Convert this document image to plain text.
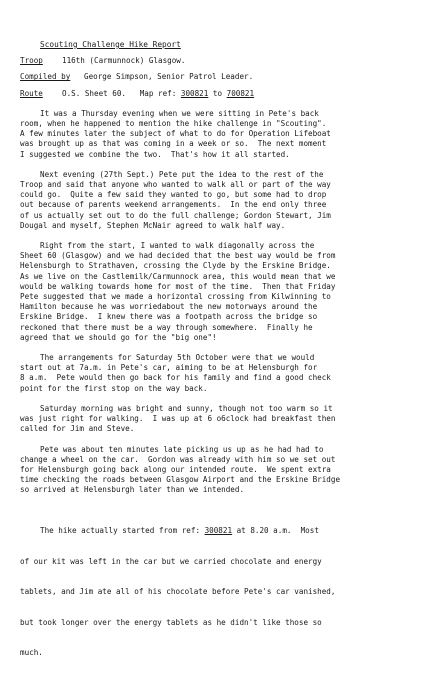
Scouting Challenge Hike Report
Troop	116th (Carmunnock) Glasgow.
Compiled by George Simpson, Senior Patrol Leader.
Route	O.S. Sheet 60. Map ref: 300821 to 700821
It was a Thursday evening when we were sitting in Pete's back
room, when he happened to mention the hike challenge in "Scouting".
A few minutes later the subject of what to do for Operation Lifeboat
was brought up as that was coming in a week or so.  The next moment
I suggested we combine the two.  That's how it all started.
Next evening (27th Sept.) Pete put the idea to the rest of the
Troop and said that anyone who wanted to walk all or part of the way
could go.  Quite a few said they wanted to go, but some had to drop
out because of parents weekend arrangements.  In the end only three
of us actually set out to do the full challenge; Gordon Stewart, Jim
Dougal and myself, Stephen McNair agreed to walk half way.
Right from the start, I wanted to walk diagonally across the
Sheet 60 (Glasgow) and we had decided that the best way would be from
Helensburgh to Strathaven, crossing the Clyde by the Erskine Bridge.
As we live on the Castlemilk/Carmunnock area, this would mean that we
would be walking towards home for most of the time.  Then that Friday
Pete suggested that we made a horizontal crossing from Kilwinning to
Hamilton because he was worriedabout the new motorways around the
Erskine Bridge.  I knew there was a footpath across the bridge so
reckoned that there must be a way through somewhere.  Finally he
agreed that we should go for the "big one"!
The arrangements for Saturday 5th October were that we would
start out at 7a.m. in Pete's car, aiming to be at Helensburgh for
8 a.m.  Pete would then go back for his family and find a good check
point for the first stop on the way back.
Saturday morning was bright and sunny, though not too warm so it
was just right for walking.  I was up at 6 o6clock had breakfast then
called for Jim and Steve.
Pete was about ten minutes late picking us up as he had had to
change a wheel on the car.  Gordon was already with him so we set out
for Helensburgh going back along our intended route.  We spent extra
time checking the roads between Glasgow Airport and the Erskine Bridge
so arrived at Helensburgh later than we intended.

The hike actually started from ref: 300821 at 8.20 a.m.  Most

of our kit was left in the car but we carried chocolate and energy

tablets, and Jim ate all of his chocolate before Pete's car vanished,

but took longer over the energy tablets as he didn't like those so

much.
